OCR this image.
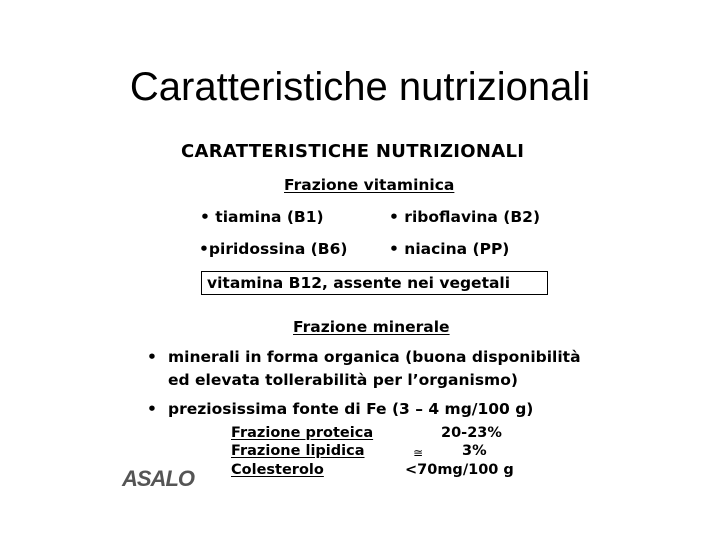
Caratteristiche nutrizionali
CARATTERISTICHE NUTRIZIONALI
Frazione vitaminica
• tiamina (B1)	• riboflavina (B2)
•piridossina (B6)	• niacina (PP)
vitamina B12, assente nei vegetali
Frazione minerale
• minerali in forma organica (buona disponibilità
ed elevata tollerabilità per l’organismo)
• preziosissima fonte di Fe (3 – 4 mg/100 g)
Frazione proteica	20-23%
Frazione lipidica	≅	3%
Colesterolo	<70mg/100 g
ASALO
